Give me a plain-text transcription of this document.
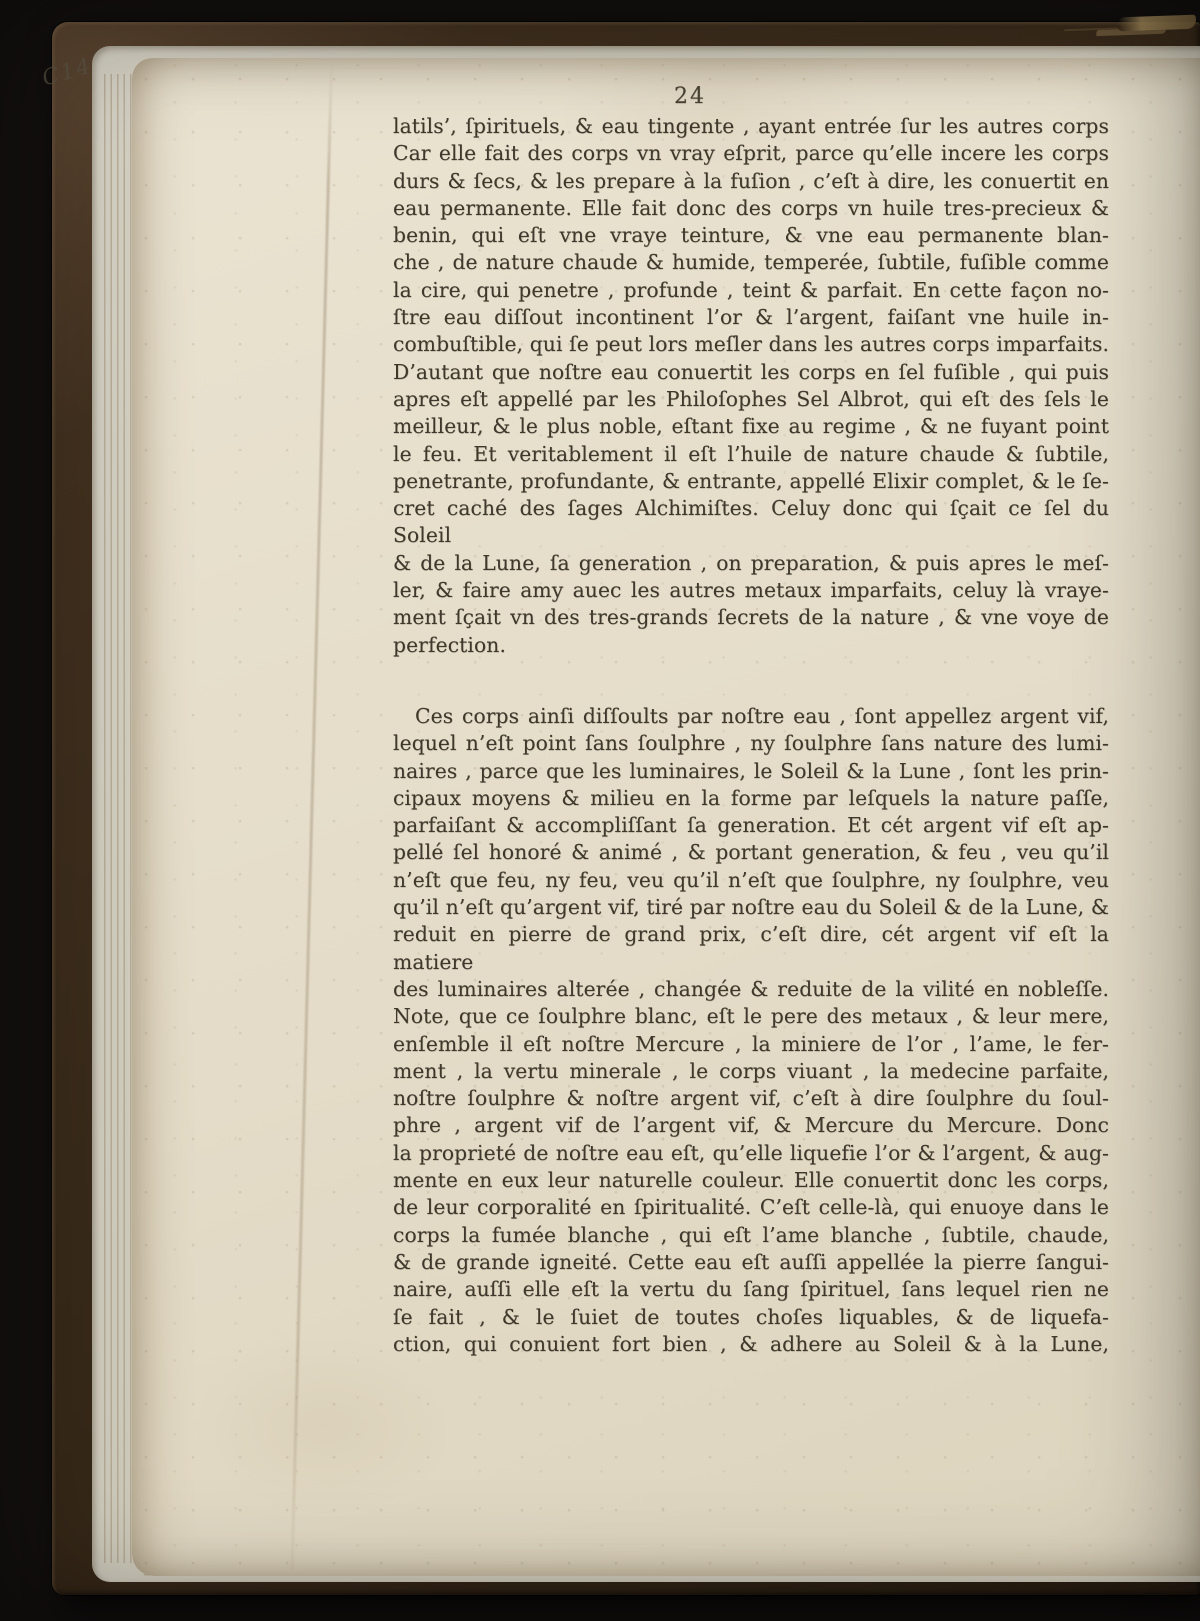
C14
24
latils’, ſpirituels, & eau tingente , ayant entrée ſur les autres corps
Car elle fait des corps vn vray eſprit, parce qu’elle incere les corps
durs & ſecs, & les prepare à la fuſion , c’eſt à dire, les conuertit en
eau permanente. Elle fait donc des corps vn huile tres-precieux &
benin, qui eſt vne vraye teinture, & vne eau permanente blan-
che , de nature chaude & humide, temperée, ſubtile, fuſible comme
la cire, qui penetre , profunde , teint & parfait. En cette façon no-
ſtre eau diſſout incontinent l’or & l’argent, faiſant vne huile in-
combuſtible, qui ſe peut lors meſler dans les autres corps imparfaits.
D’autant que noſtre eau conuertit les corps en ſel fuſible , qui puis
apres eſt appellé par les Philoſophes Sel Albrot, qui eſt des ſels le
meilleur, & le plus noble, eſtant fixe au regime , & ne fuyant point
le feu. Et veritablement il eſt l’huile de nature chaude & ſubtile,
penetrante, profundante, & entrante, appellé Elixir complet, & le ſe-
cret caché des ſages Alchimiſtes. Celuy donc qui ſçait ce ſel du Soleil
& de la Lune, ſa generation , on preparation, & puis apres le meſ-
ler, & faire amy auec les autres metaux imparfaits, celuy là vraye-
ment ſçait vn des tres-grands ſecrets de la nature , & vne voye de
perfection.
Ces corps ainſi diſſoults par noſtre eau , ſont appellez argent vif,
lequel n’eſt point ſans ſoulphre , ny ſoulphre ſans nature des lumi-
naires , parce que les luminaires, le Soleil & la Lune , ſont les prin-
cipaux moyens & milieu en la forme par leſquels la nature paſſe,
parfaiſant & accompliſſant ſa generation. Et cét argent vif eſt ap-
pellé ſel honoré & animé , & portant generation, & feu , veu qu’il
n’eſt que feu, ny feu, veu qu’il n’eſt que ſoulphre, ny ſoulphre, veu
qu’il n’eſt qu’argent vif, tiré par noſtre eau du Soleil & de la Lune, &
reduit en pierre de grand prix, c’eſt dire, cét argent vif eſt la matiere
des luminaires alterée , changée & reduite de la vilité en nobleſſe.
Note, que ce ſoulphre blanc, eſt le pere des metaux , & leur mere,
enſemble il eſt noſtre Mercure , la miniere de l’or , l’ame, le fer-
ment , la vertu minerale , le corps viuant , la medecine parfaite,
noſtre ſoulphre & noſtre argent vif, c’eſt à dire ſoulphre du ſoul-
phre , argent vif de l’argent vif, & Mercure du Mercure. Donc
la proprieté de noſtre eau eſt, qu’elle liquefie l’or & l’argent, & aug-
mente en eux leur naturelle couleur. Elle conuertit donc les corps,
de leur corporalité en ſpiritualité. C’eſt celle-là, qui enuoye dans le
corps la fumée blanche , qui eſt l’ame blanche , ſubtile, chaude,
& de grande igneité. Cette eau eſt auſſi appellée la pierre ſangui-
naire, auſſi elle eſt la vertu du ſang ſpirituel, ſans lequel rien ne
ſe fait , & le ſuiet de toutes choſes liquables, & de liquefa-
ction, qui conuient fort bien , & adhere au Soleil & à la Lune,
